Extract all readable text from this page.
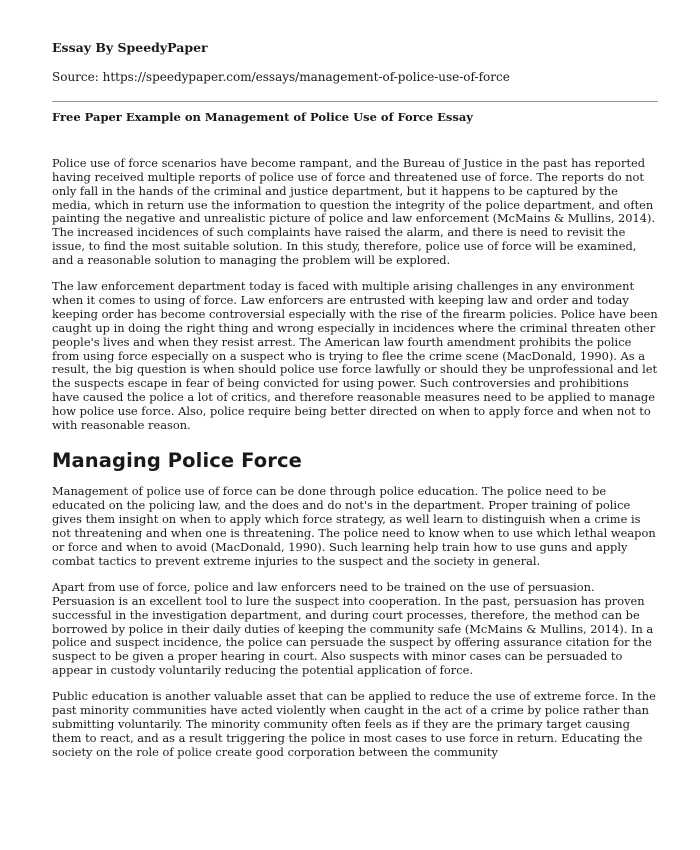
Essay By SpeedyPaper
Source: https://speedypaper.com/essays/management-of-police-use-of-force
Free Paper Example on Management of Police Use of Force Essay

Police use of force scenarios have become rampant, and the Bureau of Justice in the past has reported having received multiple reports of police use of force and threatened use of force. The reports do not only fall in the hands of the criminal and justice department, but it happens to be captured by the media, which in return use the information to question the integrity of the police department, and often painting the negative and unrealistic picture of police and law enforcement (McMains & Mullins, 2014). The increased incidences of such complaints have raised the alarm, and there is need to revisit the issue, to find the most suitable solution. In this study, therefore, police use of force will be examined, and a reasonable solution to managing the problem will be explored.

The law enforcement department today is faced with multiple arising challenges in any environment when it comes to using of force. Law enforcers are entrusted with keeping law and order and today keeping order has become controversial especially with the rise of the firearm policies. Police have been caught up in doing the right thing and wrong especially in incidences where the criminal threaten other people's lives and when they resist arrest. The American law fourth amendment prohibits the police from using force especially on a suspect who is trying to flee the crime scene (MacDonald, 1990). As a result, the big question is when should police use force lawfully or should they be unprofessional and let the suspects escape in fear of being convicted for using power. Such controversies and prohibitions have caused the police a lot of critics, and therefore reasonable measures need to be applied to manage how police use force. Also, police require being better directed on when to apply force and when not to with reasonable reason.

Managing Police Force

Management of police use of force can be done through police education. The police need to be educated on the policing law, and the does and do not's in the department. Proper training of police gives them insight on when to apply which force strategy, as well learn to distinguish when a crime is not threatening and when one is threatening. The police need to know when to use which lethal weapon or force and when to avoid (MacDonald, 1990). Such learning help train how to use guns and apply combat tactics to prevent extreme injuries to the suspect and the society in general.

Apart from use of force, police and law enforcers need to be trained on the use of persuasion. Persuasion is an excellent tool to lure the suspect into cooperation. In the past, persuasion has proven successful in the investigation department, and during court processes, therefore, the method can be borrowed by police in their daily duties of keeping the community safe (McMains & Mullins, 2014). In a police and suspect incidence, the police can persuade the suspect by offering assurance citation for the suspect to be given a proper hearing in court. Also suspects with minor cases can be persuaded to appear in custody voluntarily reducing the potential application of force.

Public education is another valuable asset that can be applied to reduce the use of extreme force. In the past minority communities have acted violently when caught in the act of a crime by police rather than submitting voluntarily. The minority community often feels as if they are the primary target causing them to react, and as a result triggering the police in most cases to use force in return. Educating the society on the role of police create good corporation between the community
